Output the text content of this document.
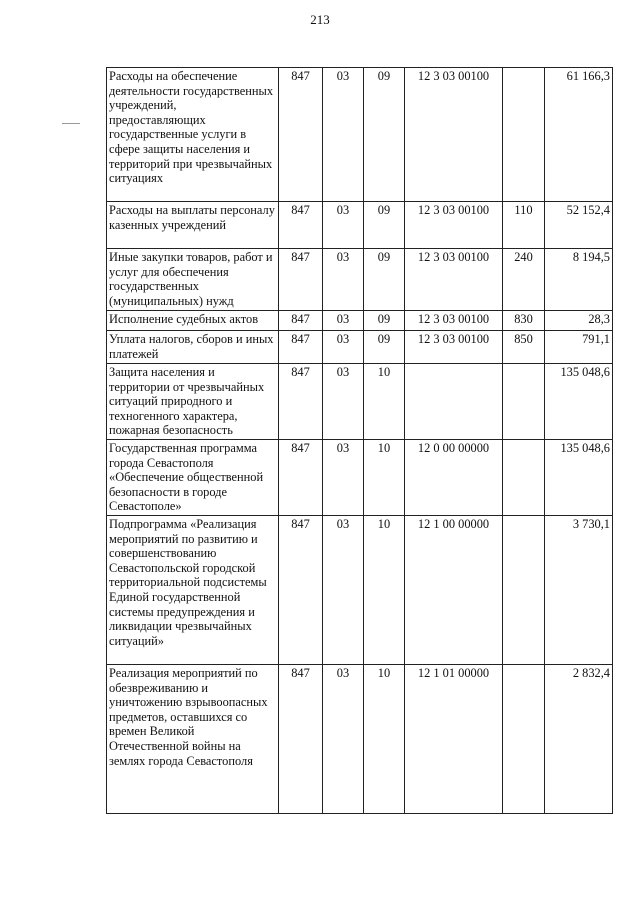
213
Расходы на обеспечение деятельности государственных учреждений, предоставляющих государственные услуги в сфере защиты населения и территорий при чрезвычайных ситуациях	847	03	09	12 3 03 00100		61 166,3
Расходы на выплаты персоналу казенных учреждений	847	03	09	12 3 03 00100	110	52 152,4
Иные закупки товаров, работ и услуг для обеспечения государственных (муниципальных) нужд	847	03	09	12 3 03 00100	240	8 194,5
Исполнение судебных актов	847	03	09	12 3 03 00100	830	28,3
Уплата налогов, сборов и иных платежей	847	03	09	12 3 03 00100	850	791,1
Защита населения и территории от чрезвычайных ситуаций природного и техногенного характера, пожарная безопасность	847	03	10			135 048,6
Государственная программа города Севастополя «Обеспечение общественной безопасности в городе Севастополе»	847	03	10	12 0 00 00000		135 048,6
Подпрограмма «Реализация мероприятий по развитию и совершенствованию Севастопольской городской территориальной подсистемы Единой государственной системы предупреждения и ликвидации чрезвычайных ситуаций»	847	03	10	12 1 00 00000		3 730,1
Реализация мероприятий по обезвреживанию и уничтожению взрывоопасных предметов, оставшихся со времен Великой Отечественной войны на землях города Севастополя	847	03	10	12 1 01 00000		2 832,4
